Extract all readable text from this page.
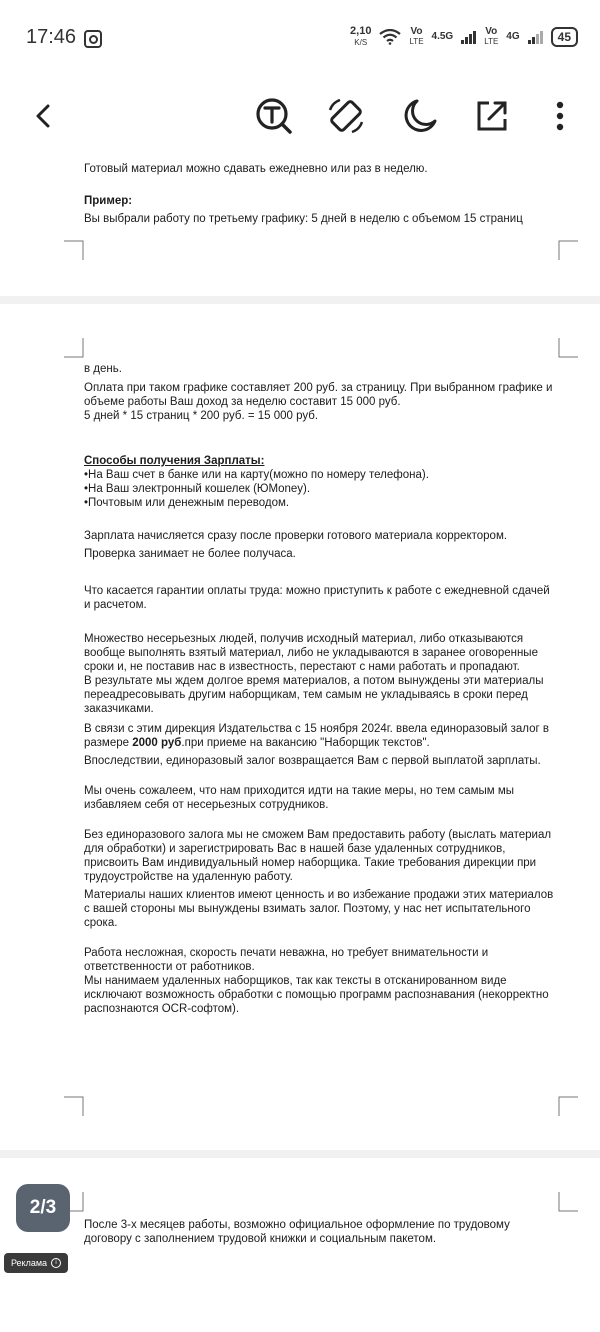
17:46	2,10
K/S
Vo
LTE 4.5G	Vo
LTE 4G	45

Готовый материал можно сдавать ежедневно или раз в неделю.

Пример:

Вы выбрали работу по третьему графику: 5 дней в неделю с объемом 15 страниц

в день.

Оплата при таком графике составляет 200 руб. за страницу. При выбранном графике и объеме работы Ваш доход за неделю составит 15 000 руб.

5 дней * 15 страниц * 200 руб. = 15 000 руб.

Способы получения Зарплаты:

•На Ваш счет в банке или на карту(можно по номеру телефона).

•На Ваш электронный кошелек (ЮMoney).

•Почтовым или денежным переводом.

Зарплата начисляется сразу после проверки готового материала корректором.

Проверка занимает не более получаса.

Что касается гарантии оплаты труда: можно приступить к работе с ежедневной сдачей и расчетом.

Множество несерьезных людей, получив исходный материал, либо отказываются вообще выполнять взятый материал, либо не укладываются в заранее оговоренные сроки и, не поставив нас в известность, перестают с нами работать и пропадают.

В результате мы ждем долгое время материалов, а потом вынуждены эти материалы переадресовывать другим наборщикам, тем самым не укладываясь в сроки перед заказчиками.

В связи с этим дирекция Издательства с 15 ноября 2024г. ввела единоразовый залог в размере 2000 руб.при приеме на вакансию "Наборщик текстов".

Впоследствии, единоразовый залог возвращается Вам с первой выплатой зарплаты.

Мы очень сожалеем, что нам приходится идти на такие меры, но тем самым мы избавляем себя от несерьезных сотрудников.

Без единоразового залога мы не сможем Вам предоставить работу (выслать материал для обработки) и зарегистрировать Вас в нашей базе удаленных сотрудников, присвоить Вам индивидуальный номер наборщика. Такие требования дирекции при трудоустройстве на удаленную работу.

Материалы наших клиентов имеют ценность и во избежание продажи этих материалов с вашей стороны мы вынуждены взимать залог. Поэтому, у нас нет испытательного срока.

Работа несложная, скорость печати неважна, но требует внимательности и ответственности от работников.

Мы нанимаем удаленных наборщиков, так как тексты в отсканированном виде исключают возможность обработки с помощью программ распознавания (некорректно распознаются OCR-софтом).

После 3-х месяцев работы, возможно официальное оформление по трудовому договору с заполнением трудовой книжки и социальным пакетом.

2/3
Реклама	i
